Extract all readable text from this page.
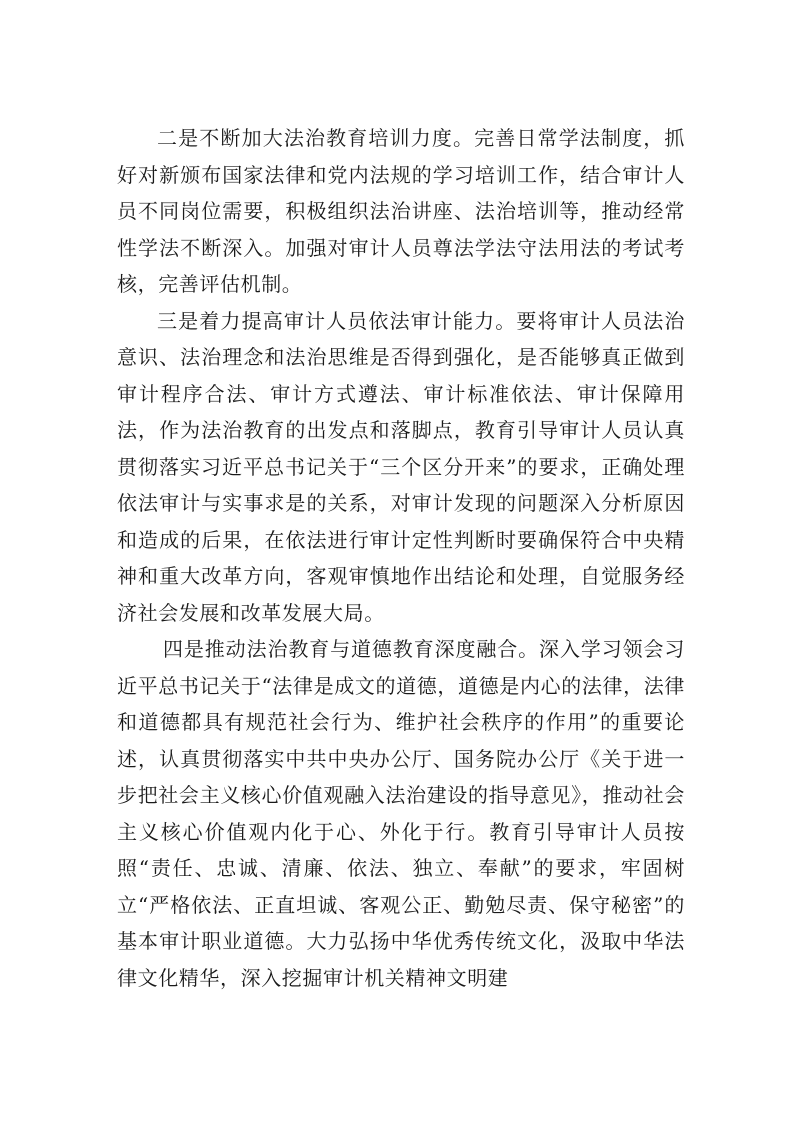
二是不断加大法治教育培训力度。完善日常学法制度，抓好对新颁布国家法律和党内法规的学习培训工作，结合审计人员不同岗位需要，积极组织法治讲座、法治培训等，推动经常性学法不断深入。加强对审计人员尊法学法守法用法的考试考核，完善评估机制。

三是着力提高审计人员依法审计能力。要将审计人员法治意识、法治理念和法治思维是否得到强化，是否能够真正做到审计程序合法、审计方式遵法、审计标准依法、审计保障用法，作为法治教育的出发点和落脚点，教育引导审计人员认真贯彻落实习近平总书记关于“三个区分开来”的要求，正确处理依法审计与实事求是的关系，对审计发现的问题深入分析原因和造成的后果，在依法进行审计定性判断时要确保符合中央精神和重大改革方向，客观审慎地作出结论和处理，自觉服务经济社会发展和改革发展大局。

四是推动法治教育与道德教育深度融合。深入学习领会习近平总书记关于“法律是成文的道德，道德是内心的法律，法律和道德都具有规范社会行为、维护社会秩序的作用”的重要论述，认真贯彻落实中共中央办公厅、国务院办公厅《关于进一步把社会主义核心价值观融入法治建设的指导意见》，推动社会主义核心价值观内化于心、外化于行。教育引导审计人员按照“责任、忠诚、清廉、依法、独立、奉献”的要求，牢固树立“严格依法、正直坦诚、客观公正、勤勉尽责、保守秘密”的基本审计职业道德。大力弘扬中华优秀传统文化，汲取中华法律文化精华，深入挖掘审计机关精神文明建
